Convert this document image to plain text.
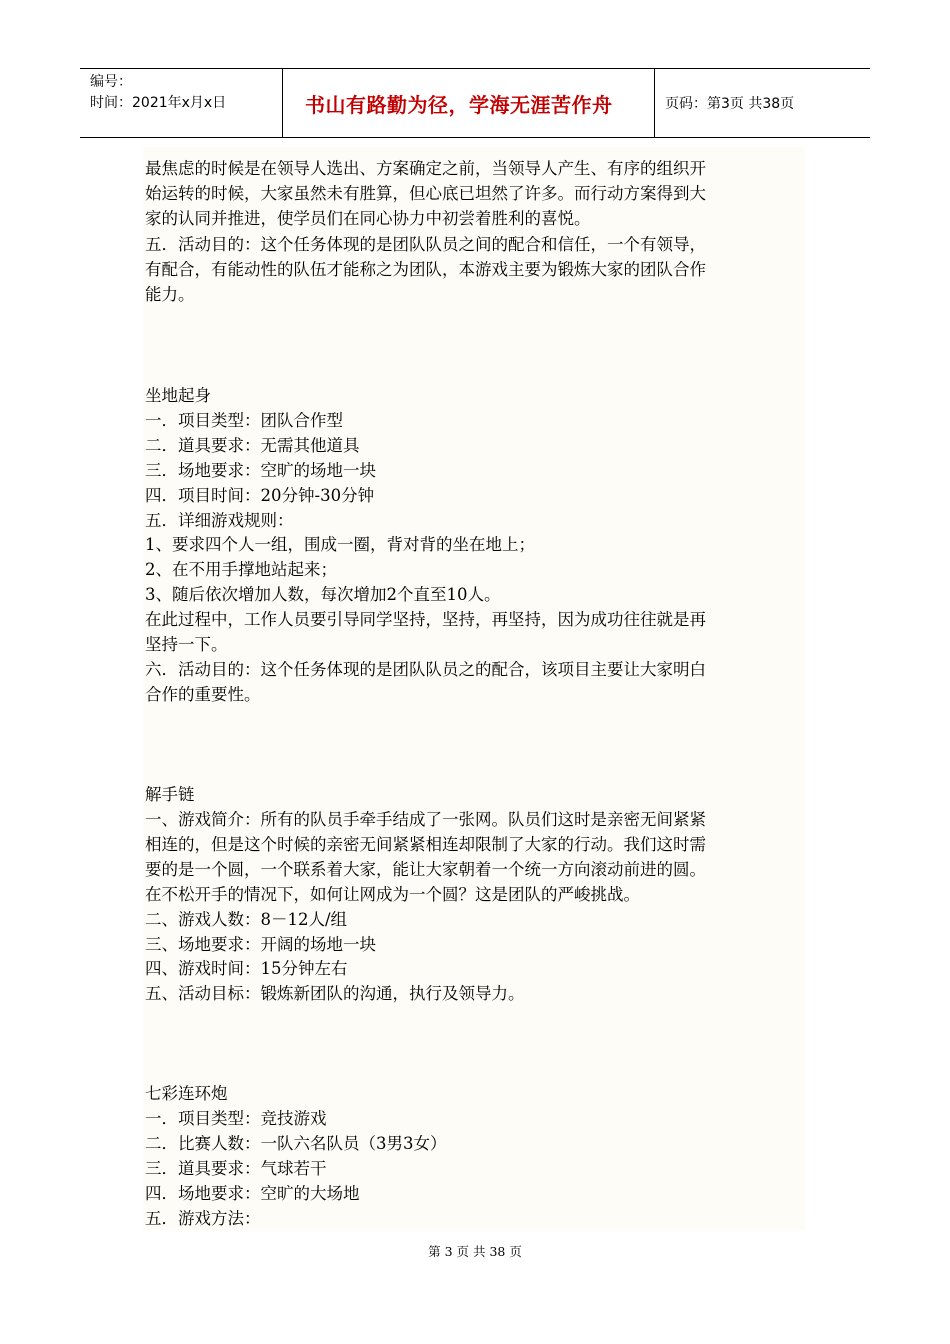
编号：
时间：2021年x月x日	书山有路勤为径，学海无涯苦作舟	页码：第3页 共38页
最焦虑的时候是在领导人选出、方案确定之前，当领导人产生、有序的组织开
始运转的时候，大家虽然未有胜算，但心底已坦然了许多。而行动方案得到大
家的认同并推进，使学员们在同心协力中初尝着胜利的喜悦。
五．活动目的：这个任务体现的是团队队员之间的配合和信任，一个有领导，
有配合，有能动性的队伍才能称之为团队，本游戏主要为锻炼大家的团队合作
能力。
坐地起身
一．项目类型：团队合作型
二．道具要求：无需其他道具
三．场地要求：空旷的场地一块
四．项目时间：20分钟-30分钟
五．详细游戏规则：
1、要求四个人一组，围成一圈，背对背的坐在地上；
2、在不用手撑地站起来；
3、随后依次增加人数，每次增加2个直至10人。
在此过程中，工作人员要引导同学坚持，坚持，再坚持，因为成功往往就是再
坚持一下。
六．活动目的：这个任务体现的是团队队员之的配合，该项目主要让大家明白
合作的重要性。
解手链
一、游戏简介：所有的队员手牵手结成了一张网。队员们这时是亲密无间紧紧
相连的，但是这个时候的亲密无间紧紧相连却限制了大家的行动。我们这时需
要的是一个圆，一个联系着大家，能让大家朝着一个统一方向滚动前进的圆。
在不松开手的情况下，如何让网成为一个圆？这是团队的严峻挑战。
二、游戏人数：8－12人/组
三、场地要求：开阔的场地一块
四、游戏时间：15分钟左右
五、活动目标：锻炼新团队的沟通，执行及领导力。
七彩连环炮
一．项目类型：竞技游戏
二．比赛人数：一队六名队员（3男3女）
三．道具要求：气球若干
四．场地要求：空旷的大场地
五．游戏方法：
第 3 页 共 38 页
